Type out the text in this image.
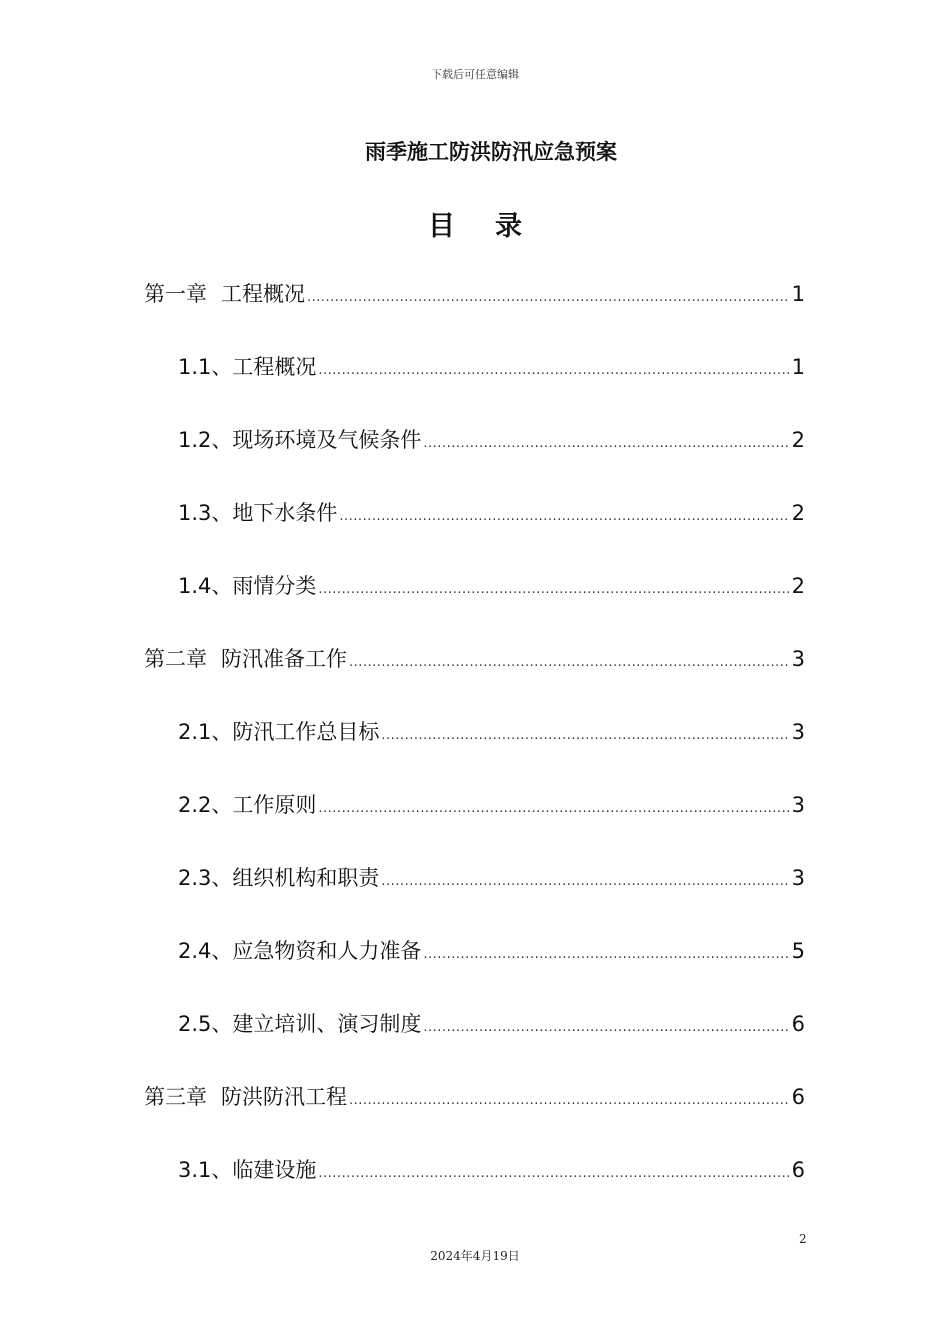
下载后可任意编辑
雨季施工防洪防汛应急预案
目录
第一章 工程概况 .....	1
1.1、 工程概况 .....	1
1.2、 现场环境及气候条件 .....	2
1.3、 地下水条件 .....	2
1.4、 雨情分类 .....	2
第二章 防汛准备工作 .....	3
2.1、 防汛工作总目标 .....	3
2.2、 工作原则 .....	3
2.3、 组织机构和职责 .....	3
2.4、 应急物资和人力准备 .....	5
2.5、 建立培训、演习制度 .....	6
第三章 防洪防汛工程 .....	6
3.1、 临建设施 .....	6
2
2024年4月19日
